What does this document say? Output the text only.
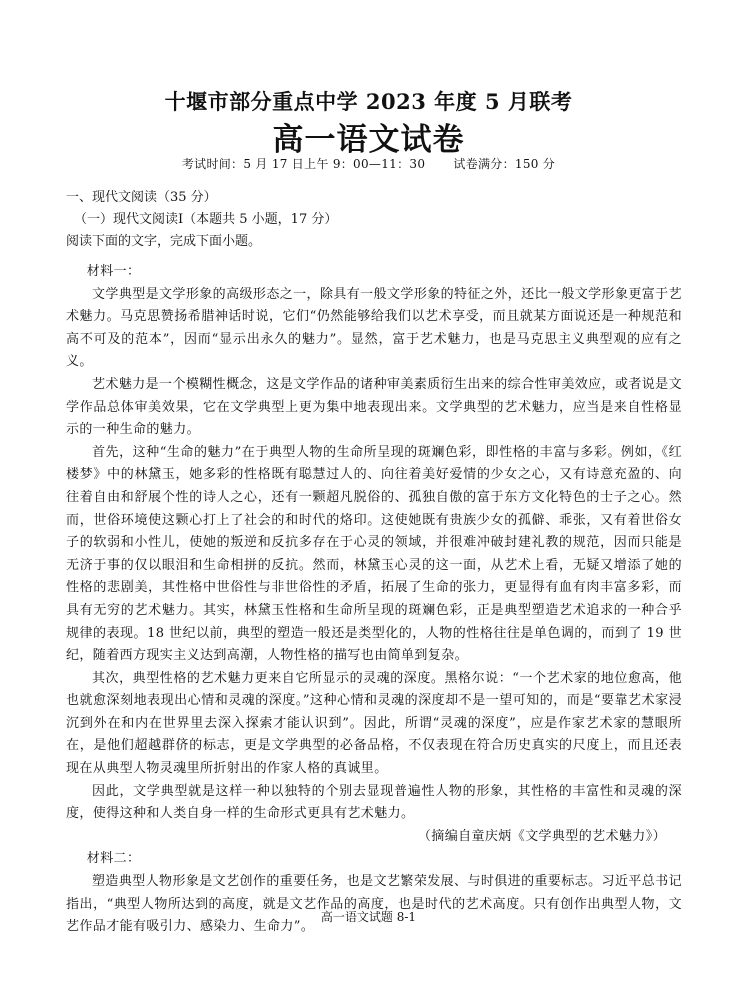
十堰市部分重点中学 2023 年度 5 月联考
高一语文试卷
考试时间：5 月 17 日上午 9：00—11：30 试卷满分：150 分
一、现代文阅读（35 分）
（一）现代文阅读Ⅰ（本题共 5 小题，17 分）
阅读下面的文字，完成下面小题。

材料一：

文学典型是文学形象的高级形态之一，除具有一般文学形象的特征之外，还比一般文学形象更富于艺术魅力。马克思赞扬希腊神话时说，它们“仍然能够给我们以艺术享受，而且就某方面说还是一种规范和高不可及的范本”，因而“显示出永久的魅力”。显然，富于艺术魅力，也是马克思主义典型观的应有之义。

艺术魅力是一个模糊性概念，这是文学作品的诸种审美素质衍生出来的综合性审美效应，或者说是文学作品总体审美效果，它在文学典型上更为集中地表现出来。文学典型的艺术魅力，应当是来自性格显示的一种生命的魅力。

首先，这种“生命的魅力”在于典型人物的生命所呈现的斑斓色彩，即性格的丰富与多彩。例如，《红楼梦》中的林黛玉，她多彩的性格既有聪慧过人的、向往着美好爱情的少女之心，又有诗意充盈的、向往着自由和舒展个性的诗人之心，还有一颗超凡脱俗的、孤独自傲的富于东方文化特色的士子之心。然而，世俗环境使这颗心打上了社会的和时代的烙印。这使她既有贵族少女的孤僻、乖张，又有着世俗女子的软弱和小性儿，使她的叛逆和反抗多存在于心灵的领域，并很难冲破封建礼教的规范，因而只能是无济于事的仅以眼泪和生命相拼的反抗。然而，林黛玉心灵的这一面，从艺术上看，无疑又增添了她的性格的悲剧美，其性格中世俗性与非世俗性的矛盾，拓展了生命的张力，更显得有血有肉丰富多彩，而具有无穷的艺术魅力。其实，林黛玉性格和生命所呈现的斑斓色彩，正是典型塑造艺术追求的一种合乎规律的表现。18 世纪以前，典型的塑造一般还是类型化的，人物的性格往往是单色调的，而到了 19 世纪，随着西方现实主义达到高潮，人物性格的描写也由简单到复杂。

其次，典型性格的艺术魅力更来自它所显示的灵魂的深度。黑格尔说：“一个艺术家的地位愈高，他也就愈深刻地表现出心情和灵魂的深度。”这种心情和灵魂的深度却不是一望可知的，而是“要靠艺术家浸沉到外在和内在世界里去深入探索才能认识到”。因此，所谓“灵魂的深度”，应是作家艺术家的慧眼所在，是他们超越群侪的标志，更是文学典型的必备品格，不仅表现在符合历史真实的尺度上，而且还表现在从典型人物灵魂里所折射出的作家人格的真诚里。

因此，文学典型就是这样一种以独特的个别去显现普遍性人物的形象，其性格的丰富性和灵魂的深度，使得这种和人类自身一样的生命形式更具有艺术魅力。

（摘编自童庆炳《文学典型的艺术魅力》）

材料二：

塑造典型人物形象是文艺创作的重要任务，也是文艺繁荣发展、与时俱进的重要标志。习近平总书记指出，“典型人物所达到的高度，就是文艺作品的高度，也是时代的艺术高度。只有创作出典型人物，文艺作品才能有吸引力、感染力、生命力”。

高一语文试题 8-1
